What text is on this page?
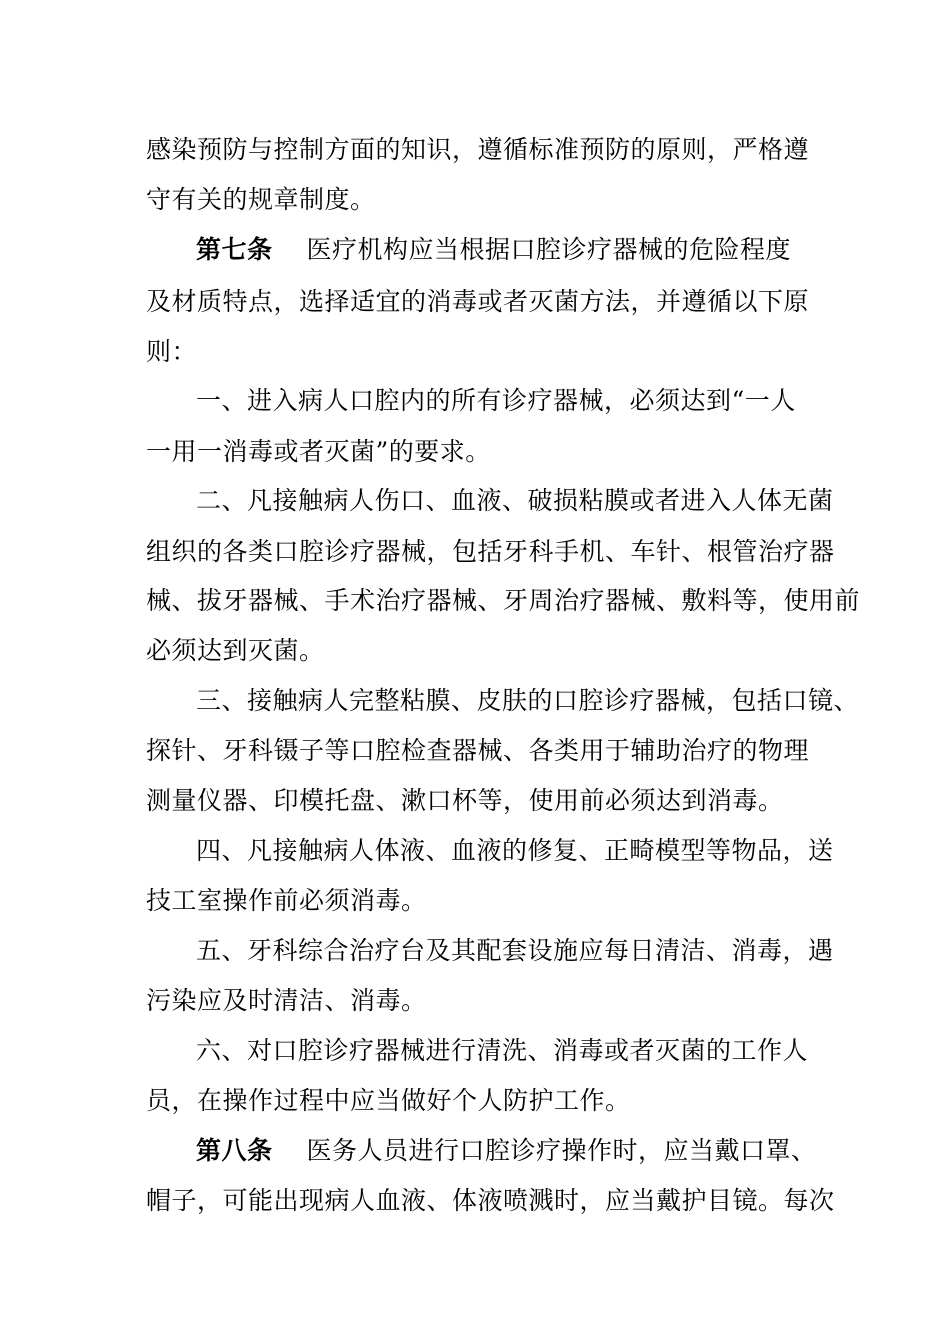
感染预防与控制方面的知识，遵循标准预防的原则，严格遵
守有关的规章制度。
第七条 医疗机构应当根据口腔诊疗器械的危险程度
及材质特点，选择适宜的消毒或者灭菌方法，并遵循以下原
则：
一、进入病人口腔内的所有诊疗器械，必须达到“一人
一用一消毒或者灭菌”的要求。
二、凡接触病人伤口、血液、破损粘膜或者进入人体无菌
组织的各类口腔诊疗器械，包括牙科手机、车针、根管治疗器
械、拔牙器械、手术治疗器械、牙周治疗器械、敷料等，使用前
必须达到灭菌。
三、接触病人完整粘膜、皮肤的口腔诊疗器械，包括口镜、
探针、牙科镊子等口腔检查器械、各类用于辅助治疗的物理
测量仪器、印模托盘、漱口杯等，使用前必须达到消毒。
四、凡接触病人体液、血液的修复、正畸模型等物品，送
技工室操作前必须消毒。
五、牙科综合治疗台及其配套设施应每日清洁、消毒，遇
污染应及时清洁、消毒。
六、对口腔诊疗器械进行清洗、消毒或者灭菌的工作人
员，在操作过程中应当做好个人防护工作。
第八条 医务人员进行口腔诊疗操作时，应当戴口罩、
帽子，可能出现病人血液、体液喷溅时，应当戴护目镜。每次
